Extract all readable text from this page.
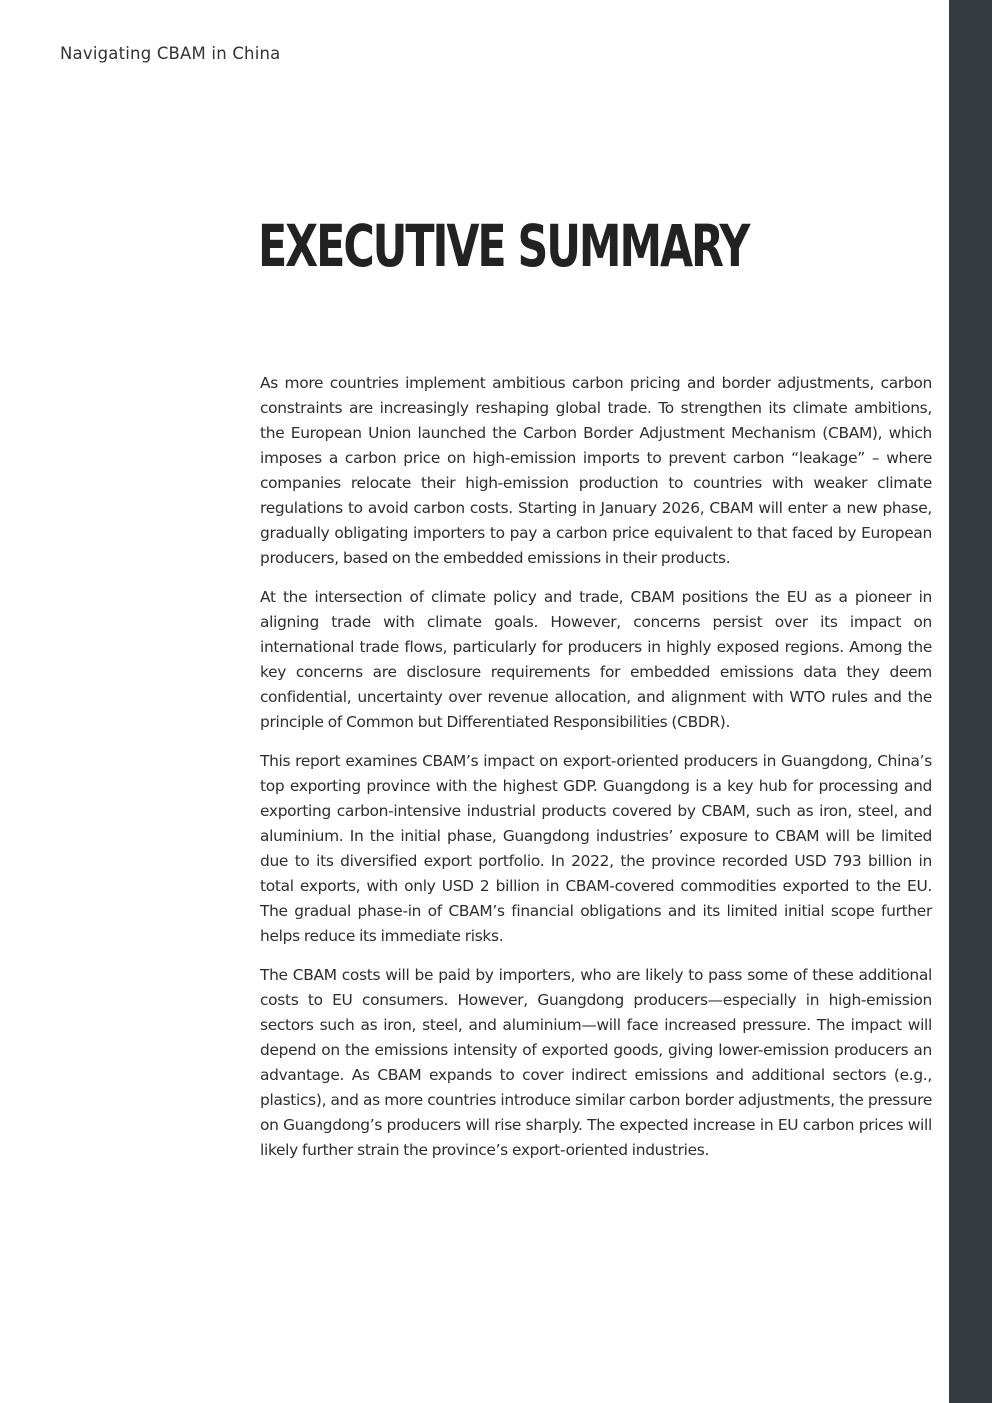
Navigating CBAM in China
EXECUTIVE SUMMARY

As more countries implement ambitious carbon pricing and border adjustments, carbon constraints are increasingly reshaping global trade. To strengthen its climate ambitions, the European Union launched the Carbon Border Adjustment Mechanism (CBAM), which imposes a carbon price on high-emission imports to prevent carbon “leakage” – where companies relocate their high-emission production to countries with weaker climate regulations to avoid carbon costs. Starting in January 2026, CBAM will enter a new phase, gradually obligating importers to pay a carbon price equivalent to that faced by European producers, based on the embedded emissions in their products.

At the intersection of climate policy and trade, CBAM positions the EU as a pioneer in aligning trade with climate goals. However, concerns persist over its impact on international trade flows, particularly for producers in highly exposed regions. Among the key concerns are disclosure requirements for embedded emissions data they deem confidential, uncertainty over revenue allocation, and alignment with WTO rules and the principle of Common but Differentiated Responsibilities (CBDR).

This report examines CBAM’s impact on export-oriented producers in Guangdong, China’s top exporting province with the highest GDP. Guangdong is a key hub for processing and exporting carbon-intensive industrial products covered by CBAM, such as iron, steel, and aluminium. In the initial phase, Guangdong industries’ exposure to CBAM will be limited due to its diversified export portfolio. In 2022, the province recorded USD 793 billion in total exports, with only USD 2 billion in CBAM-covered commodities exported to the EU. The gradual phase-in of CBAM’s financial obligations and its limited initial scope further helps reduce its immediate risks.

The CBAM costs will be paid by importers, who are likely to pass some of these additional costs to EU consumers. However, Guangdong producers—especially in high-emission sectors such as iron, steel, and aluminium—will face increased pressure. The impact will depend on the emissions intensity of exported goods, giving lower-emission producers an advantage. As CBAM expands to cover indirect emissions and additional sectors (e.g., plastics), and as more countries introduce similar carbon border adjustments, the pressure on Guangdong’s producers will rise sharply. The expected increase in EU carbon prices will likely further strain the province’s export-oriented industries.
